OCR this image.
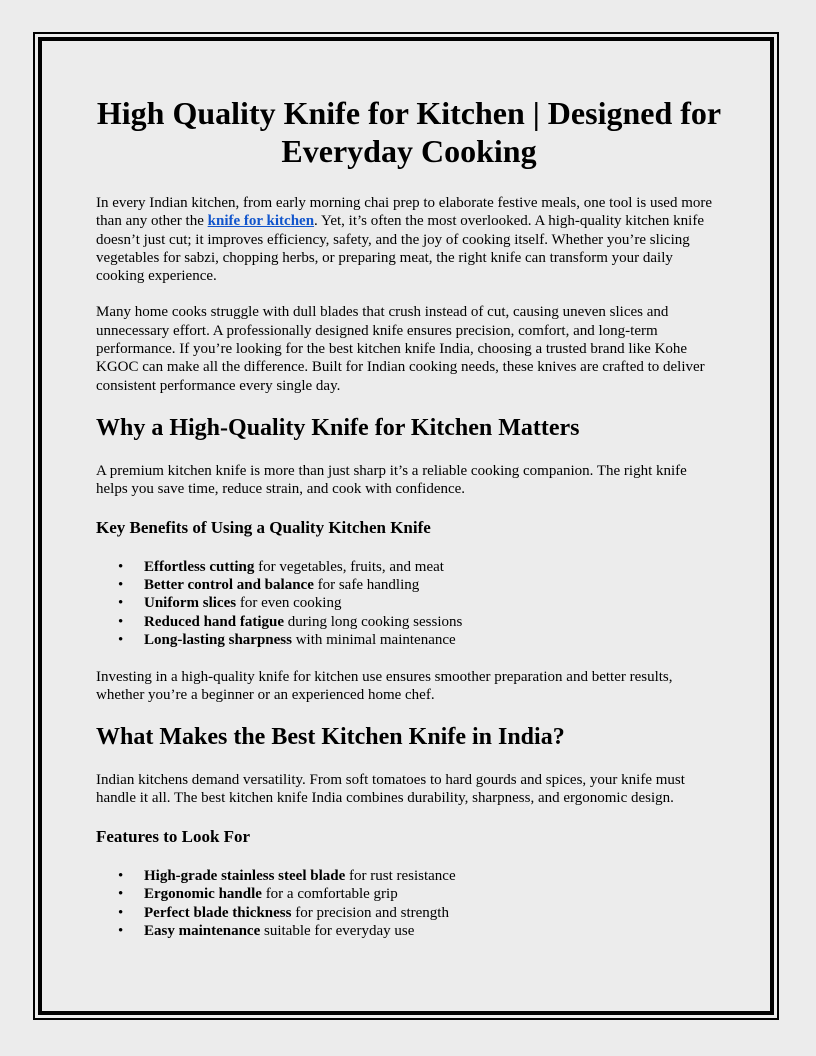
High Quality Knife for Kitchen | Designed for Everyday Cooking

In every Indian kitchen, from early morning chai prep to elaborate festive meals, one tool is used more than any other the knife for kitchen. Yet, it’s often the most overlooked. A high-quality kitchen knife doesn’t just cut; it improves efficiency, safety, and the joy of cooking itself. Whether you’re slicing vegetables for sabzi, chopping herbs, or preparing meat, the right knife can transform your daily cooking experience.

Many home cooks struggle with dull blades that crush instead of cut, causing uneven slices and unnecessary effort. A professionally designed knife ensures precision, comfort, and long-term performance. If you’re looking for the best kitchen knife India, choosing a trusted brand like Kohe KGOC can make all the difference. Built for Indian cooking needs, these knives are crafted to deliver consistent performance every single day.

Why a High-Quality Knife for Kitchen Matters

A premium kitchen knife is more than just sharp it’s a reliable cooking companion. The right knife helps you save time, reduce strain, and cook with confidence.

Key Benefits of Using a Quality Kitchen Knife
• Effortless cutting for vegetables, fruits, and meat
• Better control and balance for safe handling
• Uniform slices for even cooking
• Reduced hand fatigue during long cooking sessions
• Long-lasting sharpness with minimal maintenance

Investing in a high-quality knife for kitchen use ensures smoother preparation and better results, whether you’re a beginner or an experienced home chef.

What Makes the Best Kitchen Knife in India?

Indian kitchens demand versatility. From soft tomatoes to hard gourds and spices, your knife must handle it all. The best kitchen knife India combines durability, sharpness, and ergonomic design.

Features to Look For
• High-grade stainless steel blade for rust resistance
• Ergonomic handle for a comfortable grip
• Perfect blade thickness for precision and strength
• Easy maintenance suitable for everyday use
